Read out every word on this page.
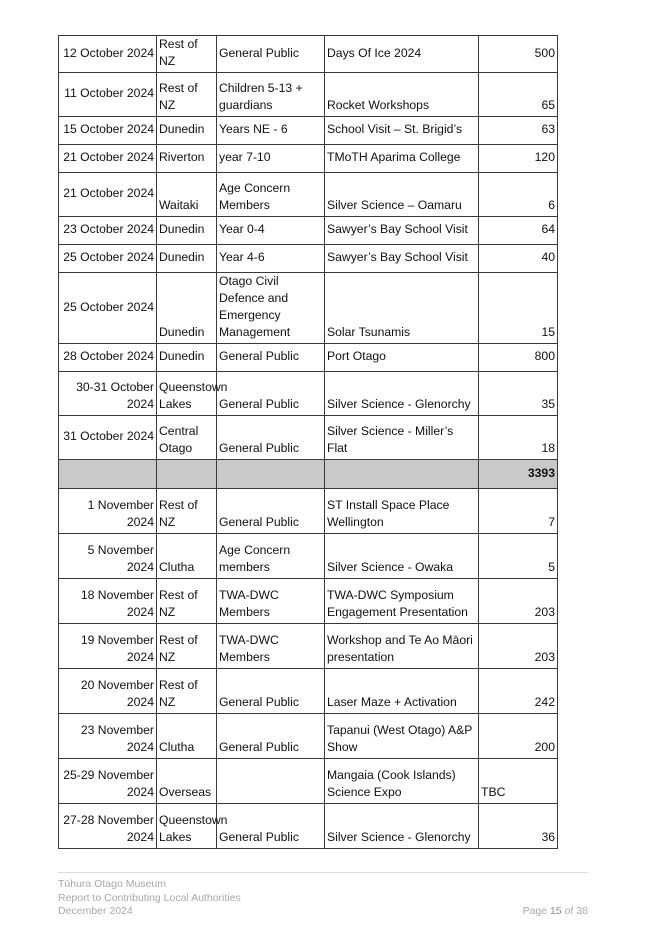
12 October 2024	Rest of NZ	General Public	Days Of Ice 2024	500
11 October 2024	Rest of NZ	Children 5-13 + guardians	Rocket Workshops	65
15 October 2024	Dunedin	Years NE - 6	School Visit – St. Brigid’s	63
21 October 2024	Riverton	year 7-10	TMoTH Aparima College	120
21 October 2024	Waitaki	Age Concern Members	Silver Science – Oamaru	6
23 October 2024	Dunedin	Year 0-4	Sawyer’s Bay School Visit	64
25 October 2024	Dunedin	Year 4-6	Sawyer’s Bay School Visit	40
25 October 2024	Dunedin	Otago Civil Defence and Emergency Management	Solar Tsunamis	15
28 October 2024	Dunedin	General Public	Port Otago	800
30-31 October 2024	Queenstown Lakes	General Public	Silver Science - Glenorchy	35
31 October 2024	Central Otago	General Public	Silver Science - Miller’s Flat	18
				3393
1 November 2024	Rest of NZ	General Public	ST Install Space Place Wellington	7
5 November 2024	Clutha	Age Concern members	Silver Science - Owaka	5
18 November 2024	Rest of NZ	TWA-DWC Members	TWA-DWC Symposium Engagement Presentation	203
19 November 2024	Rest of NZ	TWA-DWC Members	Workshop and Te Ao Māori presentation	203
20 November 2024	Rest of NZ	General Public	Laser Maze + Activation	242
23 November 2024	Clutha	General Public	Tapanui (West Otago) A&P Show	200
25-29 November 2024	Overseas		Mangaia (Cook Islands) Science Expo	TBC
27-28 November 2024	Queenstown Lakes	General Public	Silver Science - Glenorchy	36
Tūhura Otago Museum
Report to Contributing Local Authorities
December 2024	Page 15 of 38
